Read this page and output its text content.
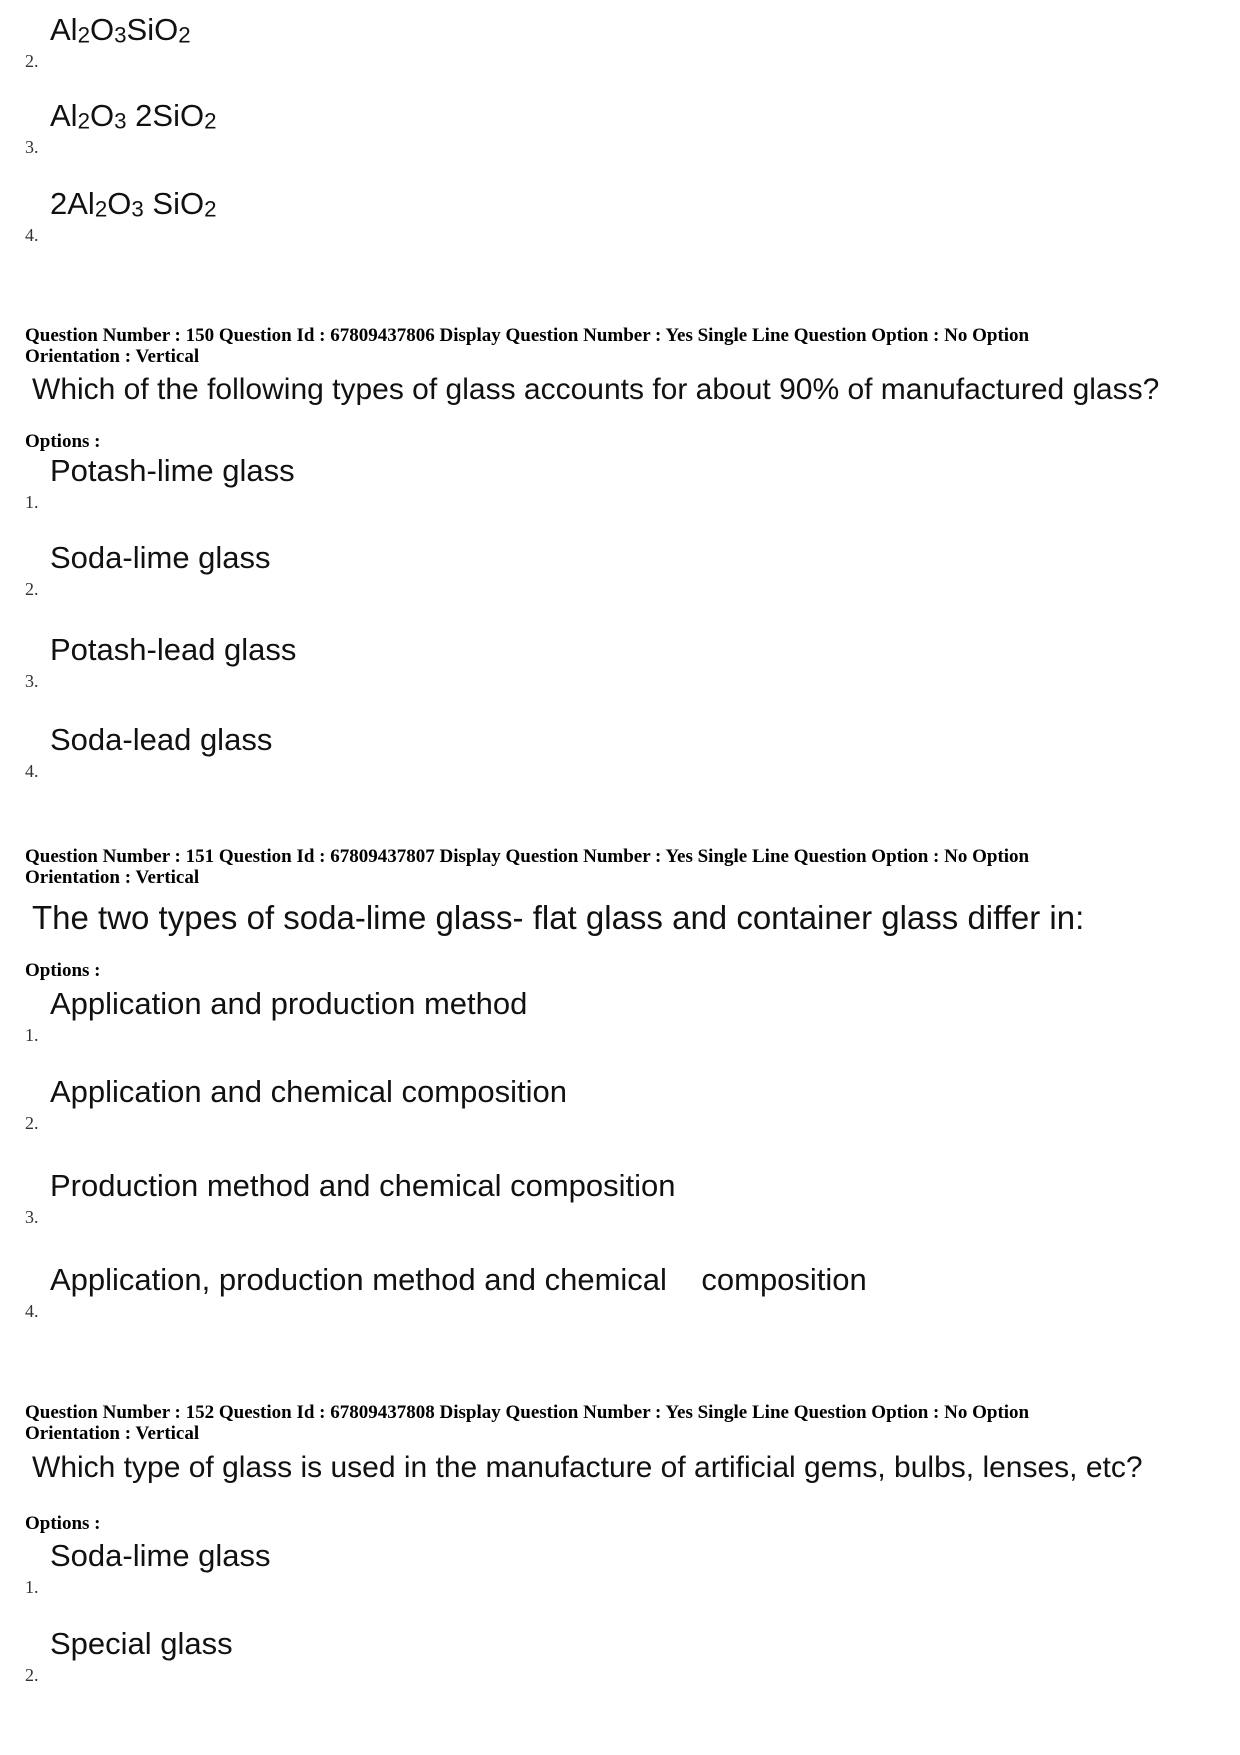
2.
$Al_2O_3SiO_2$
3.
$Al_2O_3$ 2SiO$_2$
4.
$2Al_2O_3$ SiO$_2$
Question Number : 150 Question Id : 67809437806 Display Question Number : Yes Single Line Question Option : No Option
Orientation : Vertical
Which of the following types of glass accounts for about 90% of manufactured glass?
Options :
1.
Potash-lime glass
2.
Soda-lime glass
3.
Potash-lead glass
4.
Soda-lead glass
Question Number : 151 Question Id : 67809437807 Display Question Number : Yes Single Line Question Option : No Option
Orientation : Vertical
The two types of soda-lime glass- flat glass and container glass differ in:
Options :
1.
Application and production method
2.
Application and chemical composition
3.
Production method and chemical composition
4.
Application, production method and chemical    composition
Question Number : 152 Question Id : 67809437808 Display Question Number : Yes Single Line Question Option : No Option
Orientation : Vertical
Which type of glass is used in the manufacture of artificial gems, bulbs, lenses, etc?
Options :
1.
Soda-lime glass
2.
Special glass
